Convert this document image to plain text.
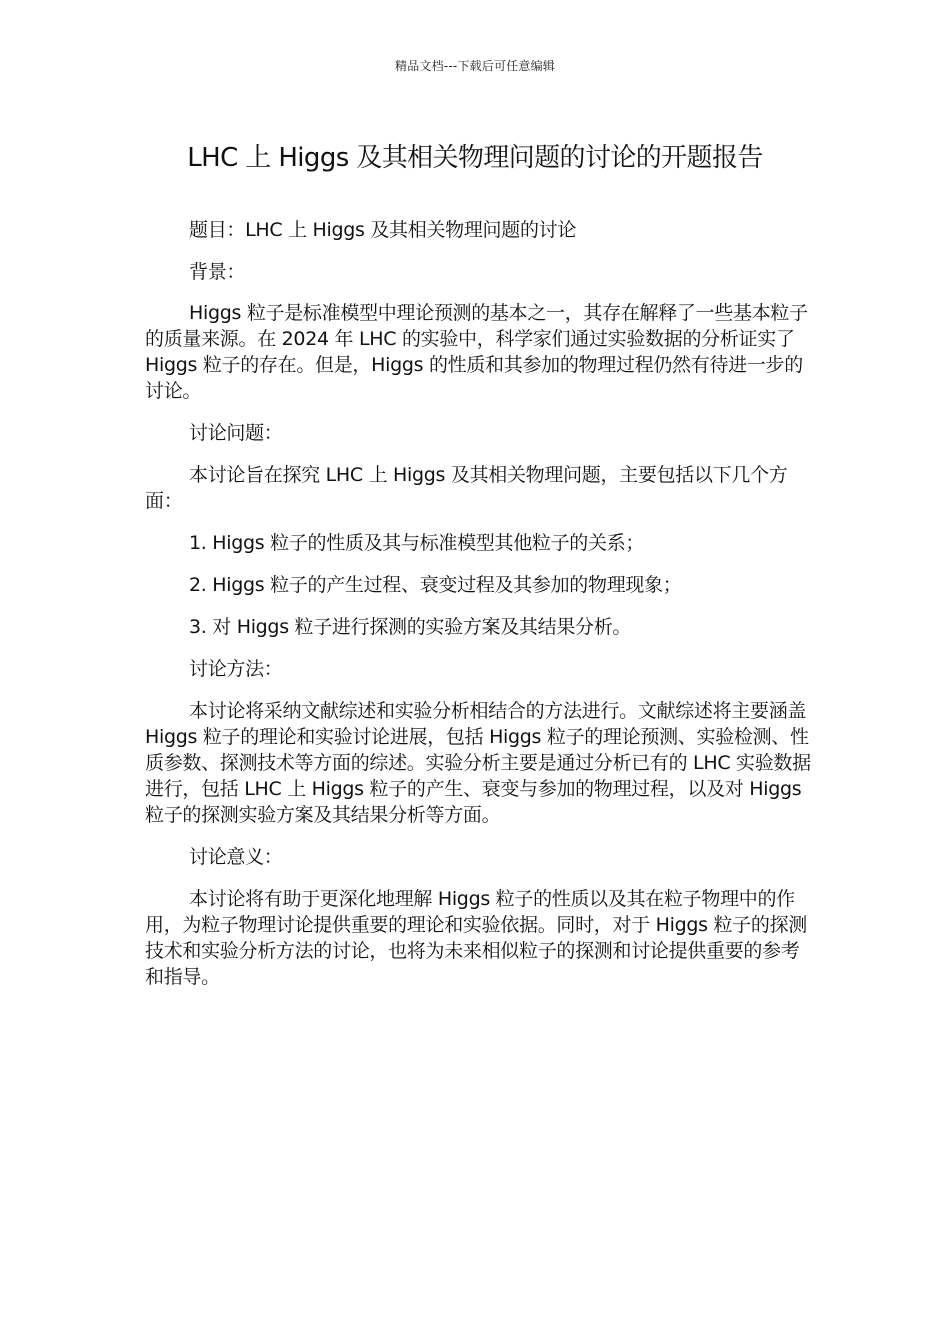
精品文档---下载后可任意编辑
LHC 上 Higgs 及其相关物理问题的讨论的开题报告

题目：LHC 上 Higgs 及其相关物理问题的讨论

背景：

Higgs 粒子是标准模型中理论预测的基本之一，其存在解释了一些基本粒子的质量来源。在 2024 年 LHC 的实验中，科学家们通过实验数据的分析证实了 Higgs 粒子的存在。但是，Higgs 的性质和其参加的物理过程仍然有待进一步的讨论。

讨论问题：

本讨论旨在探究 LHC 上 Higgs 及其相关物理问题，主要包括以下几个方面：

1. Higgs 粒子的性质及其与标准模型其他粒子的关系；

2. Higgs 粒子的产生过程、衰变过程及其参加的物理现象；

3. 对 Higgs 粒子进行探测的实验方案及其结果分析。

讨论方法：

本讨论将采纳文献综述和实验分析相结合的方法进行。文献综述将主要涵盖 Higgs 粒子的理论和实验讨论进展，包括 Higgs 粒子的理论预测、实验检测、性质参数、探测技术等方面的综述。实验分析主要是通过分析已有的 LHC 实验数据进行，包括 LHC 上 Higgs 粒子的产生、衰变与参加的物理过程，以及对 Higgs 粒子的探测实验方案及其结果分析等方面。

讨论意义：

本讨论将有助于更深化地理解 Higgs 粒子的性质以及其在粒子物理中的作用，为粒子物理讨论提供重要的理论和实验依据。同时，对于 Higgs 粒子的探测技术和实验分析方法的讨论，也将为未来相似粒子的探测和讨论提供重要的参考和指导。
